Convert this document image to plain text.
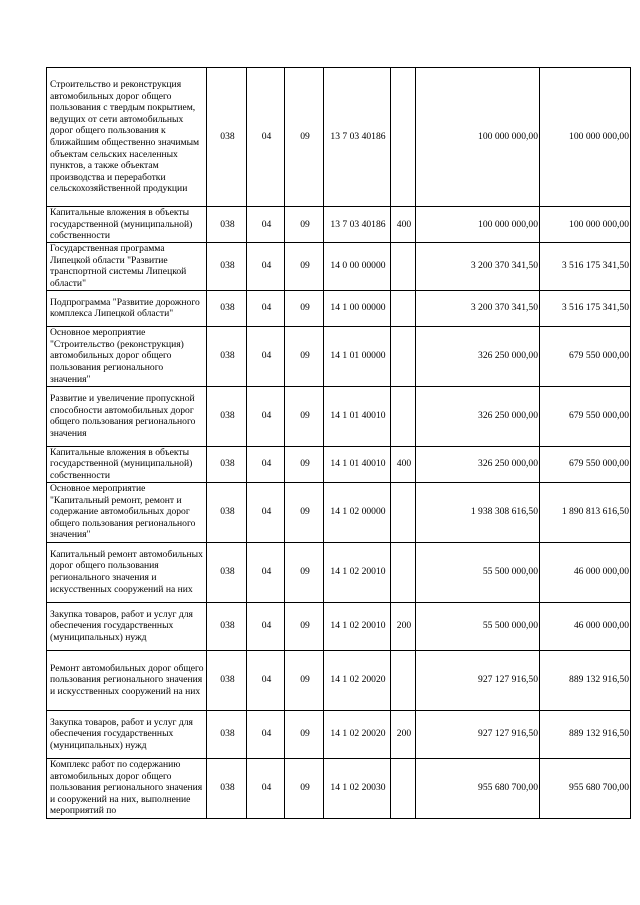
Строительство и реконструкция автомобильных дорог общего пользования с твердым покрытием, ведущих от сети автомобильных дорог общего пользования к ближайшим общественно значимым объектам сельских населенных пунктов, а также объектам производства и переработки сельскохозяйственной продукции	038	04	09	13 7 03 40186		100 000 000,00	100 000 000,00
Капитальные вложения в объекты государственной (муниципальной) собственности	038	04	09	13 7 03 40186	400	100 000 000,00	100 000 000,00
Государственная программа Липецкой области "Развитие транспортной системы Липецкой области"	038	04	09	14 0 00 00000		3 200 370 341,50	3 516 175 341,50
Подпрограмма "Развитие дорожного комплекса Липецкой области"	038	04	09	14 1 00 00000		3 200 370 341,50	3 516 175 341,50
Основное мероприятие "Строительство (реконструкция) автомобильных дорог общего пользования регионального значения"	038	04	09	14 1 01 00000		326 250 000,00	679 550 000,00
Развитие и увеличение пропускной способности автомобильных дорог общего пользования регионального значения	038	04	09	14 1 01 40010		326 250 000,00	679 550 000,00
Капитальные вложения в объекты государственной (муниципальной) собственности	038	04	09	14 1 01 40010	400	326 250 000,00	679 550 000,00
Основное мероприятие "Капитальный ремонт, ремонт и содержание автомобильных дорог общего пользования регионального значения"	038	04	09	14 1 02 00000		1 938 308 616,50	1 890 813 616,50
Капитальный ремонт автомобильных дорог общего пользования регионального значения и искусственных сооружений на них	038	04	09	14 1 02 20010		55 500 000,00	46 000 000,00
Закупка товаров, работ и услуг для обеспечения государственных (муниципальных) нужд	038	04	09	14 1 02 20010	200	55 500 000,00	46 000 000,00
Ремонт автомобильных дорог общего пользования регионального значения и искусственных сооружений на них	038	04	09	14 1 02 20020		927 127 916,50	889 132 916,50
Закупка товаров, работ и услуг для обеспечения государственных (муниципальных) нужд	038	04	09	14 1 02 20020	200	927 127 916,50	889 132 916,50
Комплекс работ по содержанию автомобильных дорог общего пользования регионального значения и сооружений на них, выполнение мероприятий по	038	04	09	14 1 02 20030		955 680 700,00	955 680 700,00
